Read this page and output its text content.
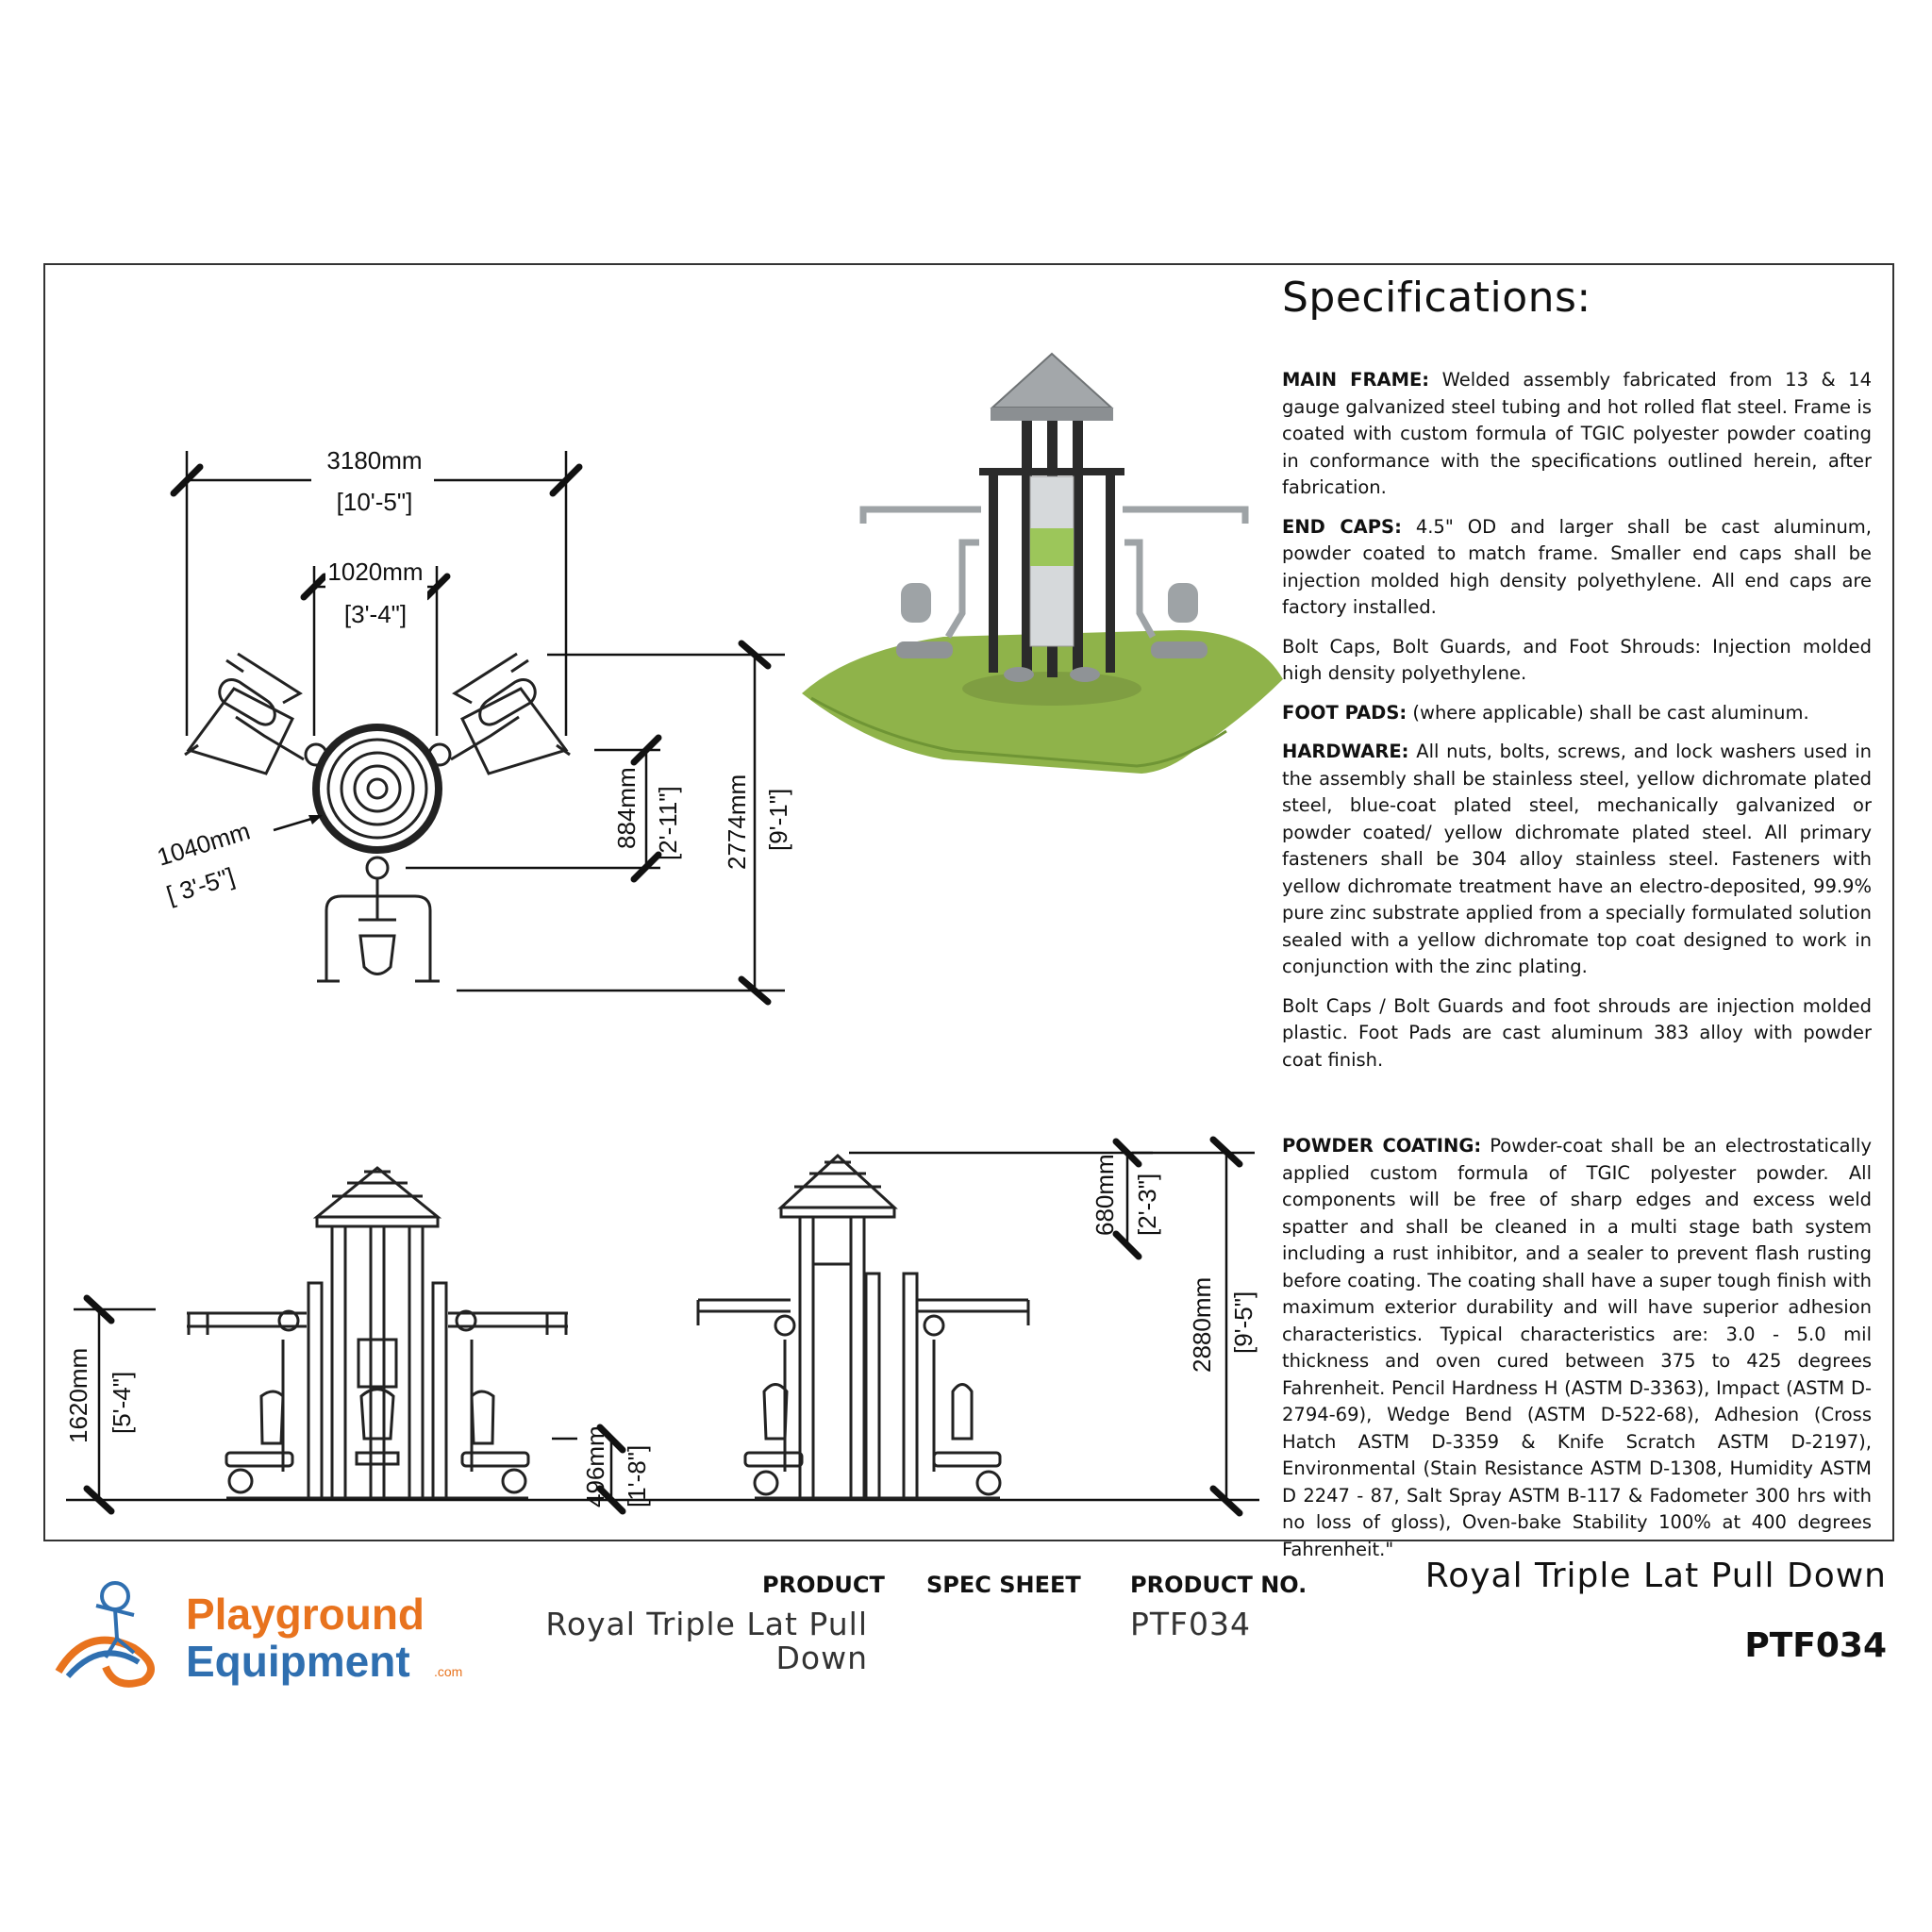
3180mm
[10'-5"]
1020mm
[3'-4"]
1040mm
[ 3'-5"]
884mm [2'-11"] 2774mm [9'-1"]
1620mm [5'-4"]
496mm [1'-8"]
680mm [2'-3"]
2880mm [9'-5"]
Specifications:

MAIN FRAME: Welded assembly fabricated from 13 & 14 gauge galvanized steel tubing and hot rolled flat steel. Frame is coated with custom formula of TGIC polyester powder coating in conformance with the specifications outlined herein, after fabrication.

END CAPS: 4.5" OD and larger shall be cast aluminum, powder coated to match frame. Smaller end caps shall be injection molded high density polyethylene. All end caps are factory installed.

Bolt Caps, Bolt Guards, and Foot Shrouds: Injection molded high density polyethylene.

FOOT PADS: (where applicable) shall be cast aluminum.

HARDWARE: All nuts, bolts, screws, and lock washers used in the assembly shall be stainless steel, yellow dichromate plated steel, blue-coat plated steel, mechanically galvanized or powder coated/ yellow dichromate plated steel. All primary fasteners shall be 304 alloy stainless steel. Fasteners with yellow dichromate treatment have an electro-deposited, 99.9% pure zinc substrate applied from a specially formulated solution sealed with a yellow dichromate top coat designed to work in conjunction with the zinc plating.

Bolt Caps / Bolt Guards and foot shrouds are injection molded plastic. Foot Pads are cast aluminum 383 alloy with powder coat finish.

POWDER COATING: Powder-coat shall be an electrostatically applied custom formula of TGIC polyester powder. All components will be free of sharp edges and excess weld spatter and shall be cleaned in a multi stage bath system including a rust inhibitor, and a sealer to prevent flash rusting before coating. The coating shall have a super tough finish with maximum exterior durability and will have superior adhesion characteristics. Typical characteristics are: 3.0 - 5.0 mil thickness and oven cured between 375 to 425 degrees Fahrenheit. Pencil Hardness H (ASTM D-3363), Impact (ASTM D-2794-69), Wedge Bend (ASTM D-522-68), Adhesion (Cross Hatch ASTM D-3359 & Knife Scratch ASTM D-2197), Environmental (Stain Resistance ASTM D-1308, Humidity ASTM D 2247 - 87, Salt Spray ASTM B-117 & Fadometer 300 hrs with no loss of gloss), Oven-bake Stability 100% at 400 degrees Fahrenheit."

Playground
Equipment .com
PRODUCT
Royal Triple Lat Pull
Down
SPEC SHEET PRODUCT NO.
PTF034
Royal Triple Lat Pull Down
PTF034
